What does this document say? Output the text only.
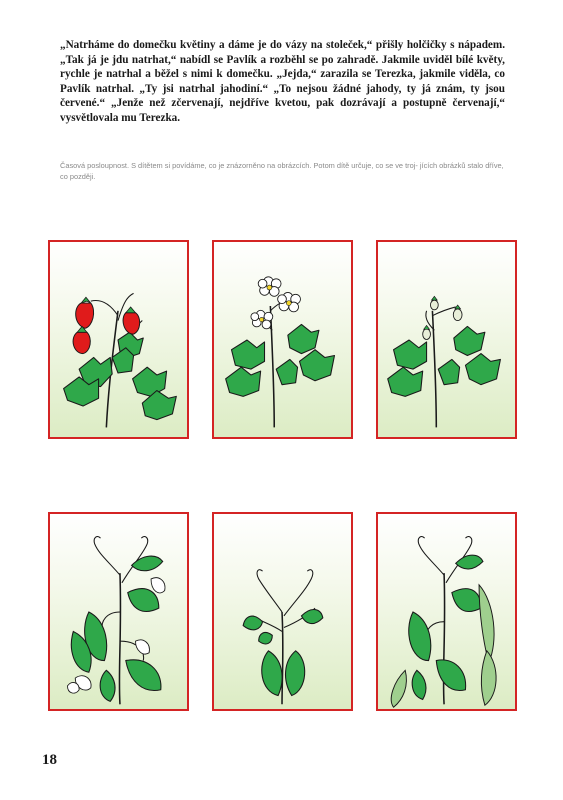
„Natrháme do domečku květiny a dáme je do vázy na stoleček,“ přišly holčičky s nápadem. „Tak já je jdu natrhat,“ nabídl se Pavlík a rozběhl se po zahradě. Jakmile uviděl bílé květy, rychle je natrhal a běžel s nimi k domečku. „Jejda,“ zarazila se Terezka, jakmile viděla, co Pavlík natrhal. „Ty jsi natrhal jahodiní.“ „To nejsou žádné jahody, ty já znám, ty jsou červené.“ „Jenže než zčervenají, nejdříve kvetou, pak dozrávají a postupně červenají,“ vysvětlovala mu Terezka.

Časová posloupnost. S dítětem si povídáme, co je znázorněno na obrázcích. Potom dítě určuje, co se ve troj- jících obrázků stalo dříve, co později.

18
